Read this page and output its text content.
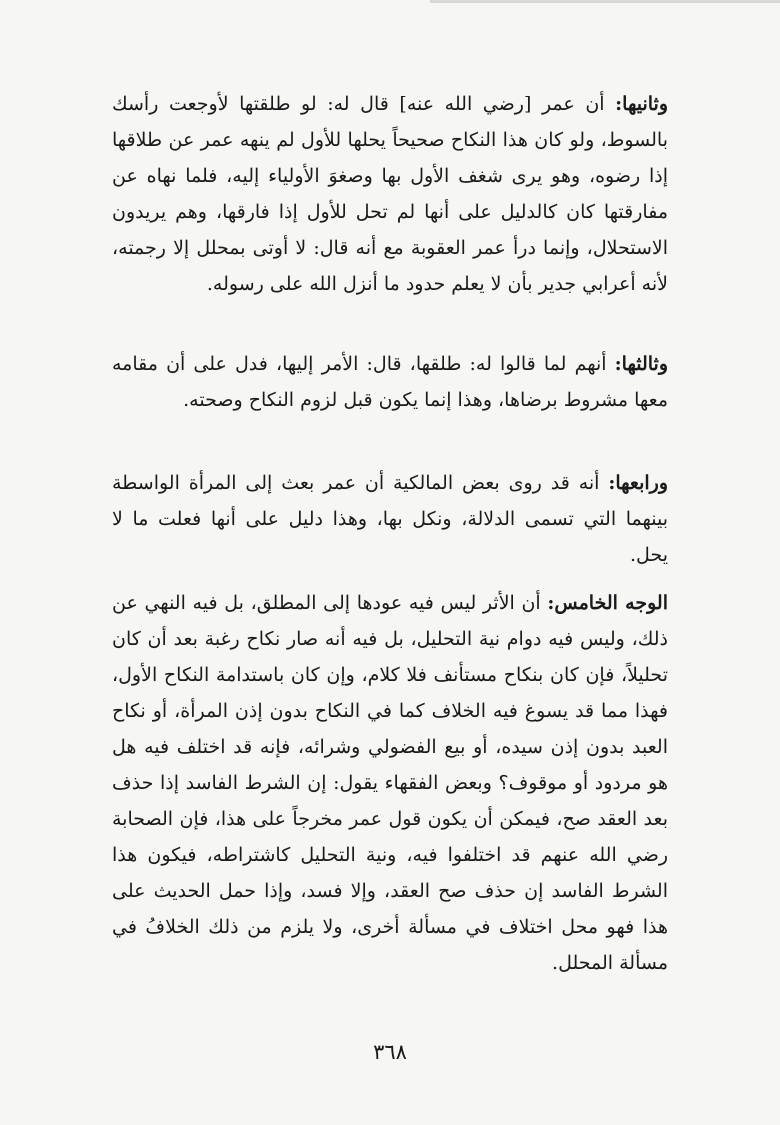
وثانيها: أن عمر [رضي الله عنه] قال له: لو طلقتها لأوجعت رأسك بالسوط، ولو كان هذا النكاح صحيحاً يحلها للأول لم ينهه عمر عن طلاقها إذا رضوه، وهو يرى شغف الأول بها وصغوَ الأولياء إليه، فلما نهاه عن مفارقتها كان كالدليل على أنها لم تحل للأول إذا فارقها، وهم يريدون الاستحلال، وإنما درأ عمر العقوبة مع أنه قال: لا أوتى بمحلل إلا رجمته، لأنه أعرابي جدير بأن لا يعلم حدود ما أنزل الله على رسوله.

وثالثها: أنهم لما قالوا له: طلقها، قال: الأمر إليها، فدل على أن مقامه معها مشروط برضاها، وهذا إنما يكون قبل لزوم النكاح وصحته.

ورابعها: أنه قد روى بعض المالكية أن عمر بعث إلى المرأة الواسطة بينهما التي تسمى الدلالة، ونكل بها، وهذا دليل على أنها فعلت ما لا يحل.

الوجه الخامس: أن الأثر ليس فيه عودها إلى المطلق، بل فيه النهي عن ذلك، وليس فيه دوام نية التحليل، بل فيه أنه صار نكاح رغبة بعد أن كان تحليلاً، فإن كان بنكاح مستأنف فلا كلام، وإن كان باستدامة النكاح الأول، فهذا مما قد يسوغ فيه الخلاف كما في النكاح بدون إذن المرأة، أو نكاح العبد بدون إذن سيده، أو بيع الفضولي وشرائه، فإنه قد اختلف فيه هل هو مردود أو موقوف؟ وبعض الفقهاء يقول: إن الشرط الفاسد إذا حذف بعد العقد صح، فيمكن أن يكون قول عمر مخرجاً على هذا، فإن الصحابة رضي الله عنهم قد اختلفوا فيه، ونية التحليل كاشتراطه، فيكون هذا الشرط الفاسد إن حذف صح العقد، وإلا فسد، وإذا حمل الحديث على هذا فهو محل اختلاف في مسألة أخرى، ولا يلزم من ذلك الخلافُ في مسألة المحلل.

٣٦٨
